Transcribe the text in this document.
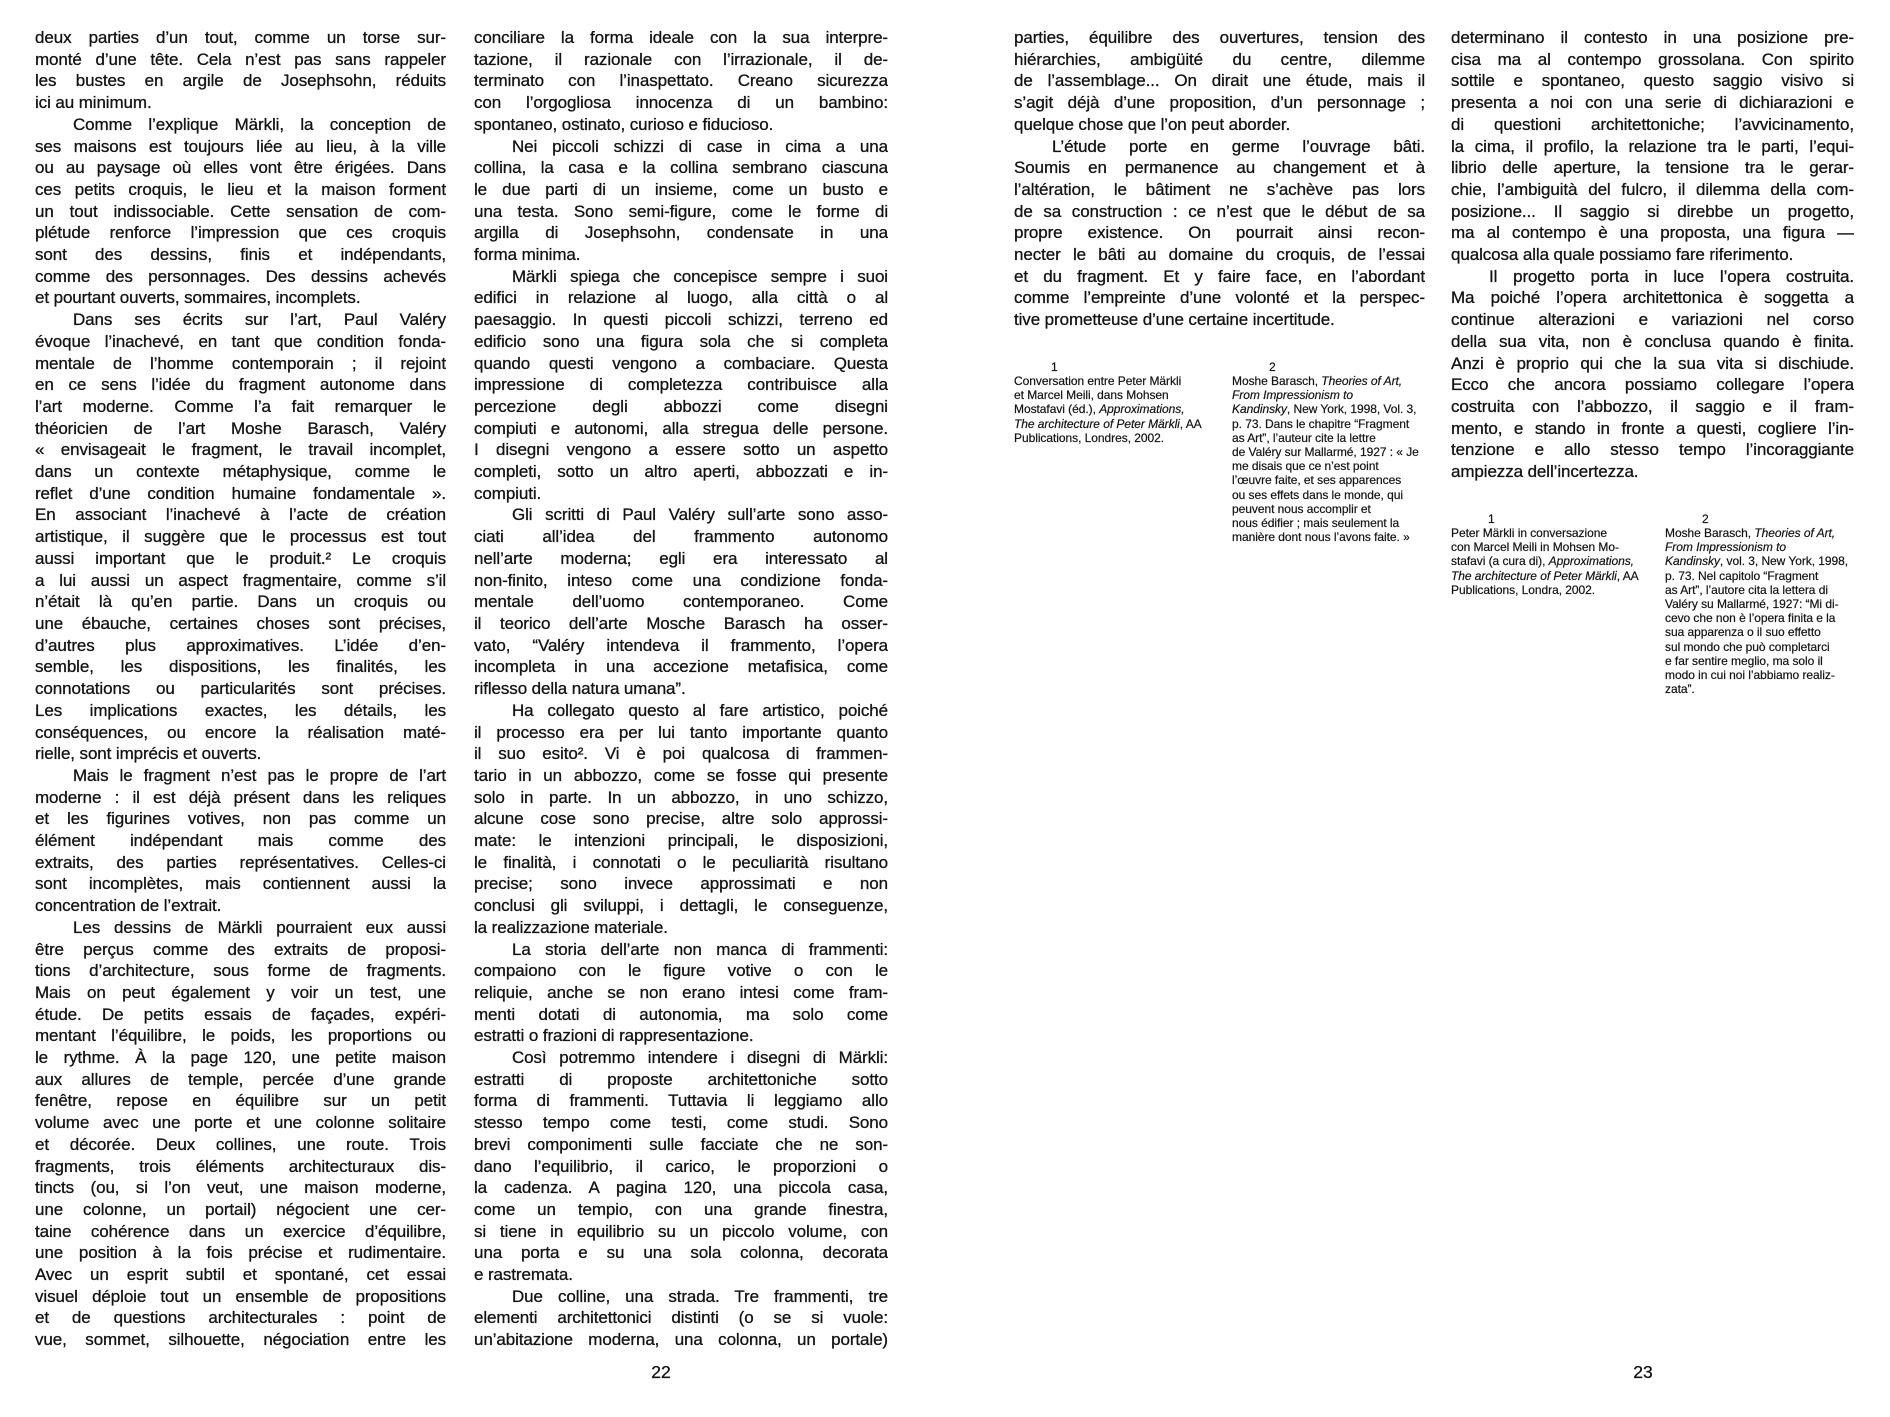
deux parties d’un tout, comme un torse sur-
monté d’une tête. Cela n’est pas sans rappeler
les bustes en argile de Josephsohn, réduits
ici au minimum.
Comme l’explique Märkli, la conception de
ses maisons est toujours liée au lieu, à la ville
ou au paysage où elles vont être érigées. Dans
ces petits croquis, le lieu et la maison forment
un tout indissociable. Cette sensation de com-
plétude renforce l’impression que ces croquis
sont des dessins, finis et indépendants,
comme des personnages. Des dessins achevés
et pourtant ouverts, sommaires, incomplets.
Dans ses écrits sur l’art, Paul Valéry
évoque l’inachevé, en tant que condition fonda-
mentale de l’homme contemporain ; il rejoint
en ce sens l’idée du fragment autonome dans
l’art moderne. Comme l’a fait remarquer le
théoricien de l’art Moshe Barasch, Valéry
« envisageait le fragment, le travail incomplet,
dans un contexte métaphysique, comme le
reflet d’une condition humaine fondamentale ».
En associant l’inachevé à l’acte de création
artistique, il suggère que le processus est tout
aussi important que le produit.² Le croquis
a lui aussi un aspect fragmentaire, comme s’il
n’était là qu’en partie. Dans un croquis ou
une ébauche, certaines choses sont précises,
d’autres plus approximatives. L’idée d’en-
semble, les dispositions, les finalités, les
connotations ou particularités sont précises.
Les implications exactes, les détails, les
conséquences, ou encore la réalisation maté-
rielle, sont imprécis et ouverts.
Mais le fragment n’est pas le propre de l’art
moderne : il est déjà présent dans les reliques
et les figurines votives, non pas comme un
élément indépendant mais comme des
extraits, des parties représentatives. Celles-ci
sont incomplètes, mais contiennent aussi la
concentration de l’extrait.
Les dessins de Märkli pourraient eux aussi
être perçus comme des extraits de proposi-
tions d’architecture, sous forme de fragments.
Mais on peut également y voir un test, une
étude. De petits essais de façades, expéri-
mentant l’équilibre, le poids, les proportions ou
le rythme. À la page 120, une petite maison
aux allures de temple, percée d’une grande
fenêtre, repose en équilibre sur un petit
volume avec une porte et une colonne solitaire
et décorée. Deux collines, une route. Trois
fragments, trois éléments architecturaux dis-
tincts (ou, si l’on veut, une maison moderne,
une colonne, un portail) négocient une cer-
taine cohérence dans un exercice d’équilibre,
une position à la fois précise et rudimentaire.
Avec un esprit subtil et spontané, cet essai
visuel déploie tout un ensemble de propositions
et de questions architecturales : point de
vue, sommet, silhouette, négociation entre les
conciliare la forma ideale con la sua interpre-
tazione, il razionale con l’irrazionale, il de-
terminato con l’inaspettato. Creano sicurezza
con l’orgogliosa innocenza di un bambino:
spontaneo, ostinato, curioso e fiducioso.
Nei piccoli schizzi di case in cima a una
collina, la casa e la collina sembrano ciascuna
le due parti di un insieme, come un busto e
una testa. Sono semi-figure, come le forme di
argilla di Josephsohn, condensate in una
forma minima.
Märkli spiega che concepisce sempre i suoi
edifici in relazione al luogo, alla città o al
paesaggio. In questi piccoli schizzi, terreno ed
edificio sono una figura sola che si completa
quando questi vengono a combaciare. Questa
impressione di completezza contribuisce alla
percezione degli abbozzi come disegni
compiuti e autonomi, alla stregua delle persone.
I disegni vengono a essere sotto un aspetto
completi, sotto un altro aperti, abbozzati e in-
compiuti.
Gli scritti di Paul Valéry sull’arte sono asso-
ciati all’idea del frammento autonomo
nell’arte moderna; egli era interessato al
non-finito, inteso come una condizione fonda-
mentale dell’uomo contemporaneo. Come
il teorico dell’arte Mosche Barasch ha osser-
vato, “Valéry intendeva il frammento, l’opera
incompleta in una accezione metafisica, come
riflesso della natura umana”.
Ha collegato questo al fare artistico, poiché
il processo era per lui tanto importante quanto
il suo esito². Vi è poi qualcosa di frammen-
tario in un abbozzo, come se fosse qui presente
solo in parte. In un abbozzo, in uno schizzo,
alcune cose sono precise, altre solo approssi-
mate: le intenzioni principali, le disposizioni,
le finalità, i connotati o le peculiarità risultano
precise; sono invece approssimati e non
conclusi gli sviluppi, i dettagli, le conseguenze,
la realizzazione materiale.
La storia dell’arte non manca di frammenti:
compaiono con le figure votive o con le
reliquie, anche se non erano intesi come fram-
menti dotati di autonomia, ma solo come
estratti o frazioni di rappresentazione.
Così potremmo intendere i disegni di Märkli:
estratti di proposte architettoniche sotto
forma di frammenti. Tuttavia li leggiamo allo
stesso tempo come testi, come studi. Sono
brevi componimenti sulle facciate che ne son-
dano l’equilibrio, il carico, le proporzioni o
la cadenza. A pagina 120, una piccola casa,
come un tempio, con una grande finestra,
si tiene in equilibrio su un piccolo volume, con
una porta e su una sola colonna, decorata
e rastremata.
Due colline, una strada. Tre frammenti, tre
elementi architettonici distinti (o se si vuole:
un’abitazione moderna, una colonna, un portale)
parties, équilibre des ouvertures, tension des
hiérarchies, ambigüité du centre, dilemme
de l’assemblage... On dirait une étude, mais il
s’agit déjà d’une proposition, d’un personnage ;
quelque chose que l’on peut aborder.
L’étude porte en germe l’ouvrage bâti.
Soumis en permanence au changement et à
l’altération, le bâtiment ne s’achève pas lors
de sa construction : ce n’est que le début de sa
propre existence. On pourrait ainsi recon-
necter le bâti au domaine du croquis, de l’essai
et du fragment. Et y faire face, en l’abordant
comme l’empreinte d’une volonté et la perspec-
tive prometteuse d’une certaine incertitude.
1
Conversation entre Peter Märkli
et Marcel Meili, dans Mohsen
Mostafavi (éd.), Approximations,
The architecture of Peter Märkli, AA
Publications, Londres, 2002.
2
Moshe Barasch, Theories of Art,
From Impressionism to
Kandinsky, New York, 1998, Vol. 3,
p. 73. Dans le chapitre “Fragment
as Art”, l’auteur cite la lettre
de Valéry sur Mallarmé, 1927 : « Je
me disais que ce n’est point
l’œuvre faite, et ses apparences
ou ses effets dans le monde, qui
peuvent nous accomplir et
nous édifier ; mais seulement la
manière dont nous l’avons faite. »
determinano il contesto in una posizione pre-
cisa ma al contempo grossolana. Con spirito
sottile e spontaneo, questo saggio visivo si
presenta a noi con una serie di dichiarazioni e
di questioni architettoniche; l’avvicinamento,
la cima, il profilo, la relazione tra le parti, l’equi-
librio delle aperture, la tensione tra le gerar-
chie, l’ambiguità del fulcro, il dilemma della com-
posizione... Il saggio si direbbe un progetto,
ma al contempo è una proposta, una figura —
qualcosa alla quale possiamo fare riferimento.
Il progetto porta in luce l’opera costruita.
Ma poiché l’opera architettonica è soggetta a
continue alterazioni e variazioni nel corso
della sua vita, non è conclusa quando è finita.
Anzi è proprio qui che la sua vita si dischiude.
Ecco che ancora possiamo collegare l’opera
costruita con l’abbozzo, il saggio e il fram-
mento, e stando in fronte a questi, cogliere l’in-
tenzione e allo stesso tempo l’incoraggiante
ampiezza dell’incertezza.
1
Peter Märkli in conversazione
con Marcel Meili in Mohsen Mo-
stafavi (a cura di), Approximations,
The architecture of Peter Märkli, AA
Publications, Londra, 2002.
2
Moshe Barasch, Theories of Art,
From Impressionism to
Kandinsky, vol. 3, New York, 1998,
p. 73. Nel capitolo “Fragment
as Art”, l’autore cita la lettera di
Valéry su Mallarmé, 1927: “Mi di-
cevo che non è l’opera finita e la
sua apparenza o il suo effetto
sul mondo che può completarci
e far sentire meglio, ma solo il
modo in cui noi l’abbiamo realiz-
zata”.
22	23
